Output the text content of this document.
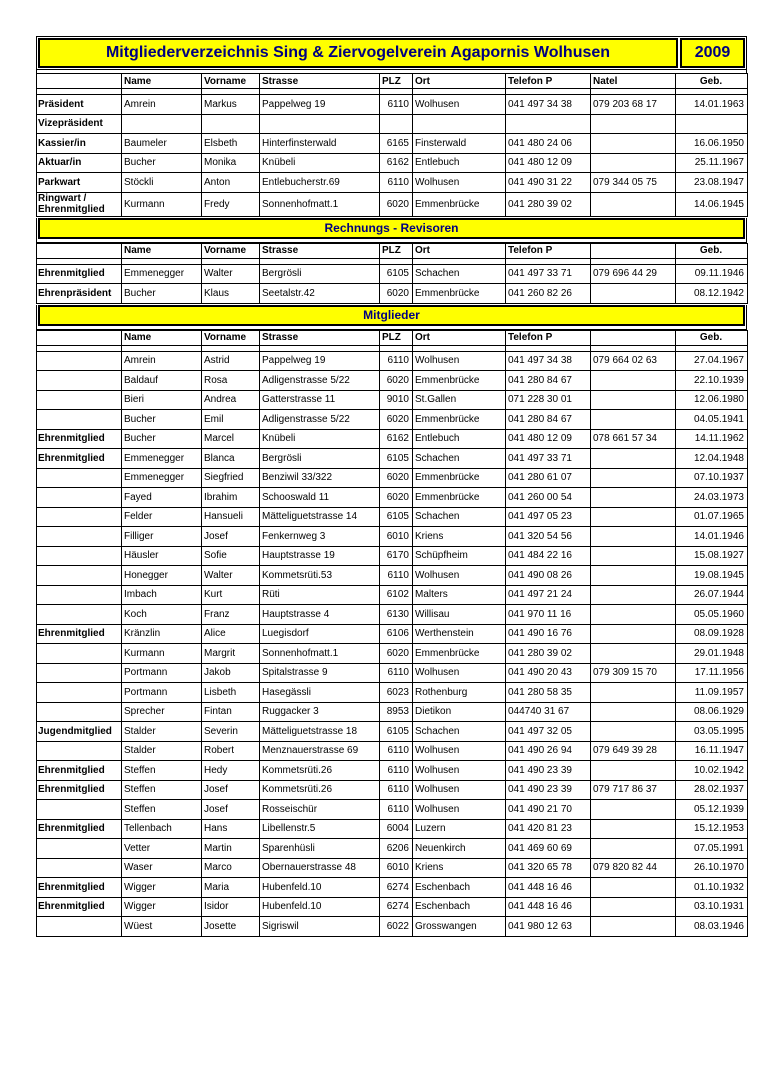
Mitgliederverzeichnis Sing & Ziervogelverein Agapornis Wolhusen	2009
	Name	Vorname	Strasse	PLZ	Ort	Telefon P	Natel	Geb.

Präsident	Amrein	Markus	Pappelweg 19	6110	Wolhusen	041 497 34 38	079 203 68 17	14.01.1963
Vizepräsident								
Kassier/in	Baumeler	Elsbeth	Hinterfinsterwald	6165	Finsterwald	041 480 24 06		16.06.1950
Aktuar/in	Bucher	Monika	Knübeli	6162	Entlebuch	041 480 12 09		25.11.1967
Parkwart	Stöckli	Anton	Entlebucherstr.69	6110	Wolhusen	041 490 31 22	079 344 05 75	23.08.1947
Ringwart / Ehrenmitglied	Kurmann	Fredy	Sonnenhofmatt.1	6020	Emmenbrücke	041 280 39 02		14.06.1945
Rechnungs - Revisoren
	Name	Vorname	Strasse	PLZ	Ort	Telefon P		Geb.

Ehrenmitglied	Emmenegger	Walter	Bergrösli	6105	Schachen	041 497 33 71	079 696 44 29	09.11.1946
Ehrenpräsident	Bucher	Klaus	Seetalstr.42	6020	Emmenbrücke	041 260 82 26		08.12.1942
Mitglieder
	Name	Vorname	Strasse	PLZ	Ort	Telefon P		Geb.

	Amrein	Astrid	Pappelweg 19	6110	Wolhusen	041 497 34 38	079 664 02 63	27.04.1967
	Baldauf	Rosa	Adligenstrasse 5/22	6020	Emmenbrücke	041 280 84 67		22.10.1939
	Bieri	Andrea	Gatterstrasse 11	9010	St.Gallen	071 228 30 01		12.06.1980
	Bucher	Emil	Adligenstrasse 5/22	6020	Emmenbrücke	041 280 84 67		04.05.1941
Ehrenmitglied	Bucher	Marcel	Knübeli	6162	Entlebuch	041 480 12 09	078 661 57 34	14.11.1962
Ehrenmitglied	Emmenegger	Blanca	Bergrösli	6105	Schachen	041 497 33 71		12.04.1948
	Emmenegger	Siegfried	Benziwil 33/322	6020	Emmenbrücke	041 280 61 07		07.10.1937
	Fayed	Ibrahim	Schooswald 11	6020	Emmenbrücke	041 260 00 54		24.03.1973
	Felder	Hansueli	Mätteliguetstrasse 14	6105	Schachen	041 497 05 23		01.07.1965
	Filliger	Josef	Fenkernweg 3	6010	Kriens	041 320 54 56		14.01.1946
	Häusler	Sofie	Hauptstrasse 19	6170	Schüpfheim	041 484 22 16		15.08.1927
	Honegger	Walter	Kommetsrüti.53	6110	Wolhusen	041 490 08 26		19.08.1945
	Imbach	Kurt	Rüti	6102	Malters	041 497 21 24		26.07.1944
	Koch	Franz	Hauptstrasse 4	6130	Willisau	041 970 11 16		05.05.1960
Ehrenmitglied	Kränzlin	Alice	Luegisdorf	6106	Werthenstein	041 490 16 76		08.09.1928
	Kurmann	Margrit	Sonnenhofmatt.1	6020	Emmenbrücke	041 280 39 02		29.01.1948
	Portmann	Jakob	Spitalstrasse 9	6110	Wolhusen	041 490 20 43	079 309 15 70	17.11.1956
	Portmann	Lisbeth	Hasegässli	6023	Rothenburg	041 280 58 35		11.09.1957
	Sprecher	Fintan	Ruggacker 3	8953	Dietikon	044740 31 67		08.06.1929
Jugendmitglied	Stalder	Severin	Mätteliguetstrasse 18	6105	Schachen	041 497 32 05		03.05.1995
	Stalder	Robert	Menznauerstrasse 69	6110	Wolhusen	041 490 26 94	079 649 39 28	16.11.1947
Ehrenmitglied	Steffen	Hedy	Kommetsrüti.26	6110	Wolhusen	041 490 23 39		10.02.1942
Ehrenmitglied	Steffen	Josef	Kommetsrüti.26	6110	Wolhusen	041 490 23 39	079 717 86 37	28.02.1937
	Steffen	Josef	Rosseischür	6110	Wolhusen	041 490 21 70		05.12.1939
Ehrenmitglied	Tellenbach	Hans	Libellenstr.5	6004	Luzern	041 420 81 23		15.12.1953
	Vetter	Martin	Sparenhüsli	6206	Neuenkirch	041 469 60 69		07.05.1991
	Waser	Marco	Obernauerstrasse 48	6010	Kriens	041 320 65 78	079 820 82 44	26.10.1970
Ehrenmitglied	Wigger	Maria	Hubenfeld.10	6274	Eschenbach	041 448 16 46		01.10.1932
Ehrenmitglied	Wigger	Isidor	Hubenfeld.10	6274	Eschenbach	041 448 16 46		03.10.1931
	Wüest	Josette	Sigriswil	6022	Grosswangen	041 980 12 63		08.03.1946
